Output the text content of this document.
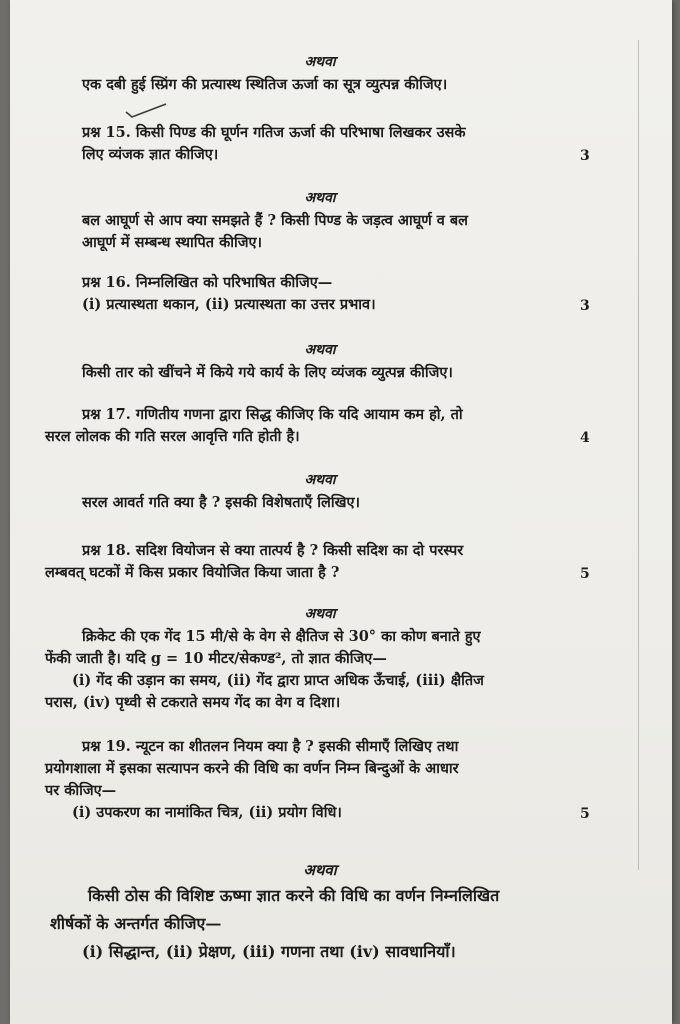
अथवा
एक दबी हुई स्प्रिंग की प्रत्यास्थ स्थितिज ऊर्जा का सूत्र व्युत्पन्न कीजिए।
प्रश्न 15. किसी पिण्ड की घूर्णन गतिज ऊर्जा की परिभाषा लिखकर उसके
लिए व्यंजक ज्ञात कीजिए।	3
अथवा
बल आघूर्ण से आप क्या समझते हैं ? किसी पिण्ड के जड़त्व आघूर्ण व बल
आघूर्ण में सम्बन्ध स्थापित कीजिए।
प्रश्न 16. निम्नलिखित को परिभाषित कीजिए—
(i) प्रत्यास्थता थकान, (ii) प्रत्यास्थता का उत्तर प्रभाव।	3
अथवा
किसी तार को खींचने में किये गये कार्य के लिए व्यंजक व्युत्पन्न कीजिए।
प्रश्न 17. गणितीय गणना द्वारा सिद्ध कीजिए कि यदि आयाम कम हो, तो
सरल लोलक की गति सरल आवृत्ति गति होती है।	4
अथवा
सरल आवर्त गति क्या है ? इसकी विशेषताएँ लिखिए।
प्रश्न 18. सदिश वियोजन से क्या तात्पर्य है ? किसी सदिश का दो परस्पर
लम्बवत् घटकों में किस प्रकार वियोजित किया जाता है ?	5
अथवा
क्रिकेट की एक गेंद 15 मी/से के वेग से क्षैतिज से 30° का कोण बनाते हुए
फेंकी जाती है। यदि g = 10 मीटर/सेकण्ड², तो ज्ञात कीजिए—
(i) गेंद की उड़ान का समय, (ii) गेंद द्वारा प्राप्त अधिक ऊँचाई, (iii) क्षैतिज
परास, (iv) पृथ्वी से टकराते समय गेंद का वेग व दिशा।
प्रश्न 19. न्यूटन का शीतलन नियम क्या है ? इसकी सीमाएँ लिखिए तथा
प्रयोगशाला में इसका सत्यापन करने की विधि का वर्णन निम्न बिन्दुओं के आधार
पर कीजिए—
(i) उपकरण का नामांकित चित्र, (ii) प्रयोग विधि।	5
अथवा
किसी ठोस की विशिष्ट ऊष्मा ज्ञात करने की विधि का वर्णन निम्नलिखित
शीर्षकों के अन्तर्गत कीजिए—
(i) सिद्धान्त, (ii) प्रेक्षण, (iii) गणना तथा (iv) सावधानियाँ।
